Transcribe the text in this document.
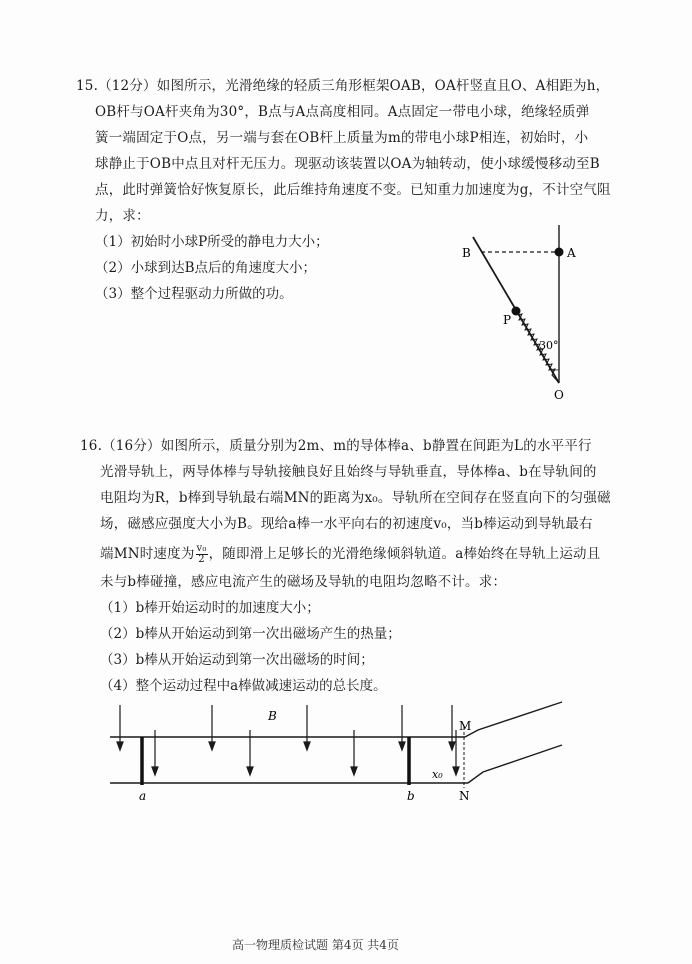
15.（12分）如图所示，光滑绝缘的轻质三角形框架OAB，OA杆竖直且O、A相距为h，
OB杆与OA杆夹角为30°，B点与A点高度相同。A点固定一带电小球，绝缘轻质弹
簧一端固定于O点，另一端与套在OB杆上质量为m的带电小球P相连，初始时，小
球静止于OB中点且对杆无压力。现驱动该装置以OA为轴转动，使小球缓慢移动至B
点，此时弹簧恰好恢复原长，此后维持角速度不变。已知重力加速度为g，不计空气阻
力，求：
（1）初始时小球P所受的静电力大小；
（2）小球到达B点后的角速度大小；
（3）整个过程驱动力所做的功。
B	A
P
30°
O
16.（16分）如图所示，质量分别为2m、m的导体棒a、b静置在间距为L的水平平行
光滑导轨上，两导体棒与导轨接触良好且始终与导轨垂直，导体棒a、b在导轨间的
电阻均为R，b棒到导轨最右端MN的距离为x₀。导轨所在空间存在竖直向下的匀强磁
场，磁感应强度大小为B。现给a棒一水平向右的初速度v₀，当b棒运动到导轨最右
端MN时速度为 $\frac{\text{v₀}}{2}$ ，随即滑上足够长的光滑绝缘倾斜轨道。a棒始终在导轨上运动且
未与b棒碰撞，感应电流产生的磁场及导轨的电阻均忽略不计。求：
（1）b棒开始运动时的加速度大小；
（2）b棒从开始运动到第一次出磁场产生的热量；
（3）b棒从开始运动到第一次出磁场的时间；
（4）整个运动过程中a棒做减速运动的总长度。
B
M
N
a	b
x₀
高一物理质检试题 第4页 共4页
